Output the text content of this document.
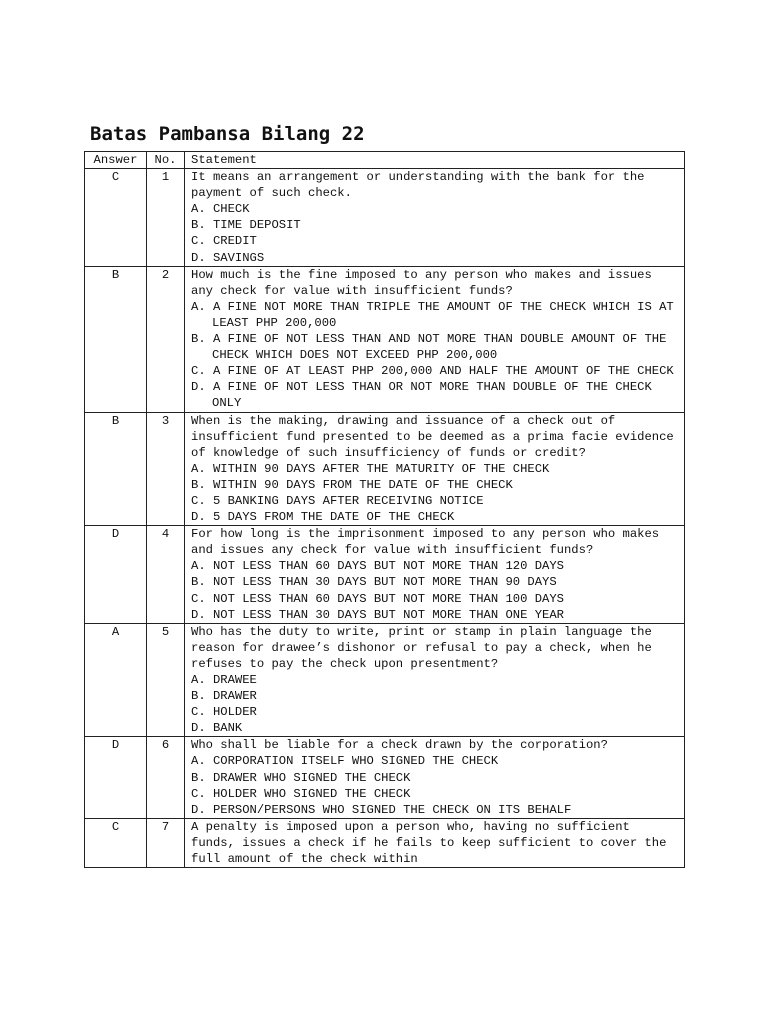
Batas Pambansa Bilang 22
Answer	No.	Statement
C	1	It means an arrangement or understanding with the bank for the payment of such check.
A. CHECK
B. TIME DEPOSIT
C. CREDIT
D. SAVINGS

B	2	How much is the fine imposed to any person who makes and issues any check for value with insufficient funds?
A. A FINE NOT MORE THAN TRIPLE THE AMOUNT OF THE CHECK WHICH IS AT LEAST PHP 200,000
B. A FINE OF NOT LESS THAN AND NOT MORE THAN DOUBLE AMOUNT OF THE CHECK WHICH DOES NOT EXCEED PHP 200,000
C. A FINE OF AT LEAST PHP 200,000 AND HALF THE AMOUNT OF THE CHECK
D. A FINE OF NOT LESS THAN OR NOT MORE THAN DOUBLE OF THE CHECK ONLY

B	3	When is the making, drawing and issuance of a check out of insufficient fund presented to be deemed as a prima facie evidence of knowledge of such insufficiency of funds or credit?
A. WITHIN 90 DAYS AFTER THE MATURITY OF THE CHECK
B. WITHIN 90 DAYS FROM THE DATE OF THE CHECK
C. 5 BANKING DAYS AFTER RECEIVING NOTICE
D. 5 DAYS FROM THE DATE OF THE CHECK

D	4	For how long is the imprisonment imposed to any person who makes and issues any check for value with insufficient funds?
A. NOT LESS THAN 60 DAYS BUT NOT MORE THAN 120 DAYS
B. NOT LESS THAN 30 DAYS BUT NOT MORE THAN 90 DAYS
C. NOT LESS THAN 60 DAYS BUT NOT MORE THAN 100 DAYS
D. NOT LESS THAN 30 DAYS BUT NOT MORE THAN ONE YEAR

A	5	Who has the duty to write, print or stamp in plain language the reason for drawee’s dishonor or refusal to pay a check, when he refuses to pay the check upon presentment?
A. DRAWEE
B. DRAWER
C. HOLDER
D. BANK

D	6	Who shall be liable for a check drawn by the corporation?
A. CORPORATION ITSELF WHO SIGNED THE CHECK
B. DRAWER WHO SIGNED THE CHECK
C. HOLDER WHO SIGNED THE CHECK
D. PERSON/PERSONS WHO SIGNED THE CHECK ON ITS BEHALF

C	7	A penalty is imposed upon a person who, having no sufficient funds, issues a check if he fails to keep sufficient to cover the full amount of the check within
